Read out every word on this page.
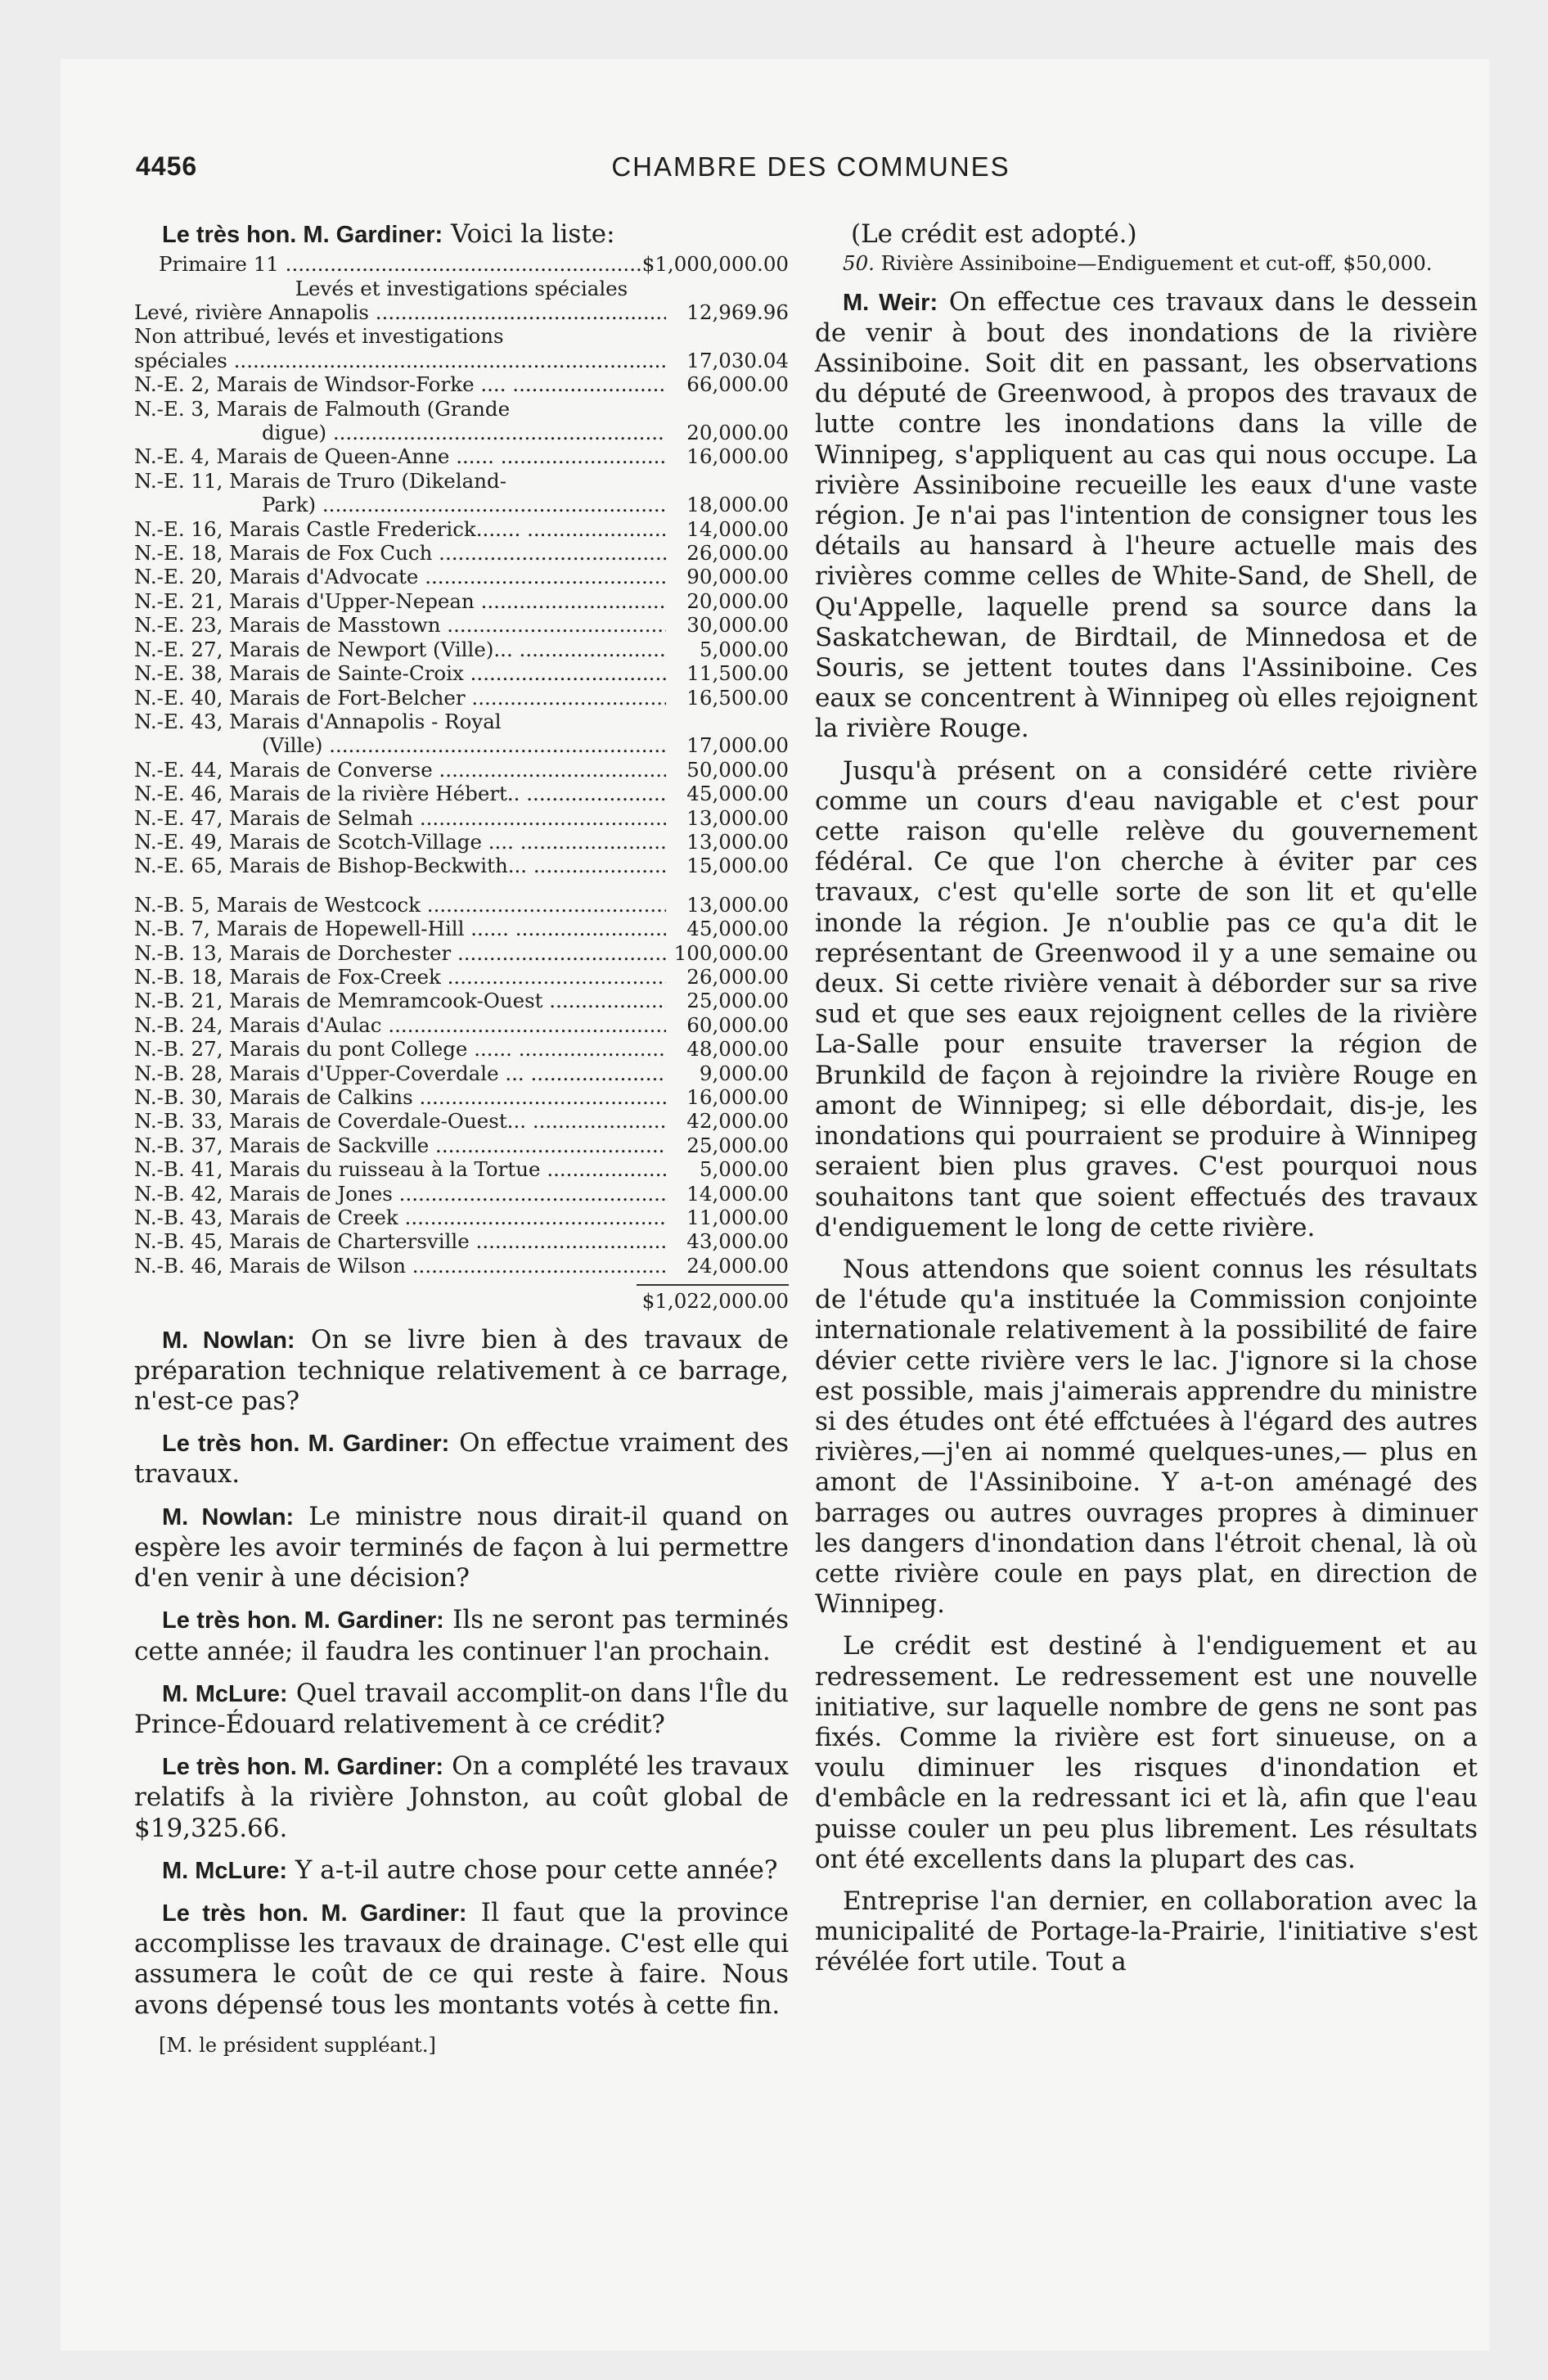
4456	CHAMBRE DES COMMUNES

Le très hon. M. Gardiner: Voici la liste:

Primaire 11 .....	$1,000,000.00
Levés et investigations spéciales
Levé, rivière Annapolis .....	12,969.96
Non attribué, levés et investigations
spéciales .....	17,030.04
N.-E. 2, Marais de Windsor-Forke .... .....	66,000.00
N.-E. 3, Marais de Falmouth (Grande
digue) .....	20,000.00
N.-E. 4, Marais de Queen-Anne ...... .....	16,000.00
N.-E. 11, Marais de Truro (Dikeland-
Park) .....	18,000.00
N.-E. 16, Marais Castle Frederick....... .....	14,000.00
N.-E. 18, Marais de Fox Cuch .....	26,000.00
N.-E. 20, Marais d'Advocate .....	90,000.00
N.-E. 21, Marais d'Upper-Nepean .....	20,000.00
N.-E. 23, Marais de Masstown .....	30,000.00
N.-E. 27, Marais de Newport (Ville)... .....	5,000.00
N.-E. 38, Marais de Sainte-Croix .....	11,500.00
N.-E. 40, Marais de Fort-Belcher .....	16,500.00
N.-E. 43, Marais d'Annapolis - Royal
(Ville) .....	17,000.00
N.-E. 44, Marais de Converse .....	50,000.00
N.-E. 46, Marais de la rivière Hébert.. .....	45,000.00
N.-E. 47, Marais de Selmah .....	13,000.00
N.-E. 49, Marais de Scotch-Village .... .....	13,000.00
N.-E. 65, Marais de Bishop-Beckwith... .....	15,000.00
N.-B. 5, Marais de Westcock .....	13,000.00
N.-B. 7, Marais de Hopewell-Hill ...... .....	45,000.00
N.-B. 13, Marais de Dorchester .....	100,000.00
N.-B. 18, Marais de Fox-Creek .....	26,000.00
N.-B. 21, Marais de Memramcook-Ouest .....	25,000.00
N.-B. 24, Marais d'Aulac .....	60,000.00
N.-B. 27, Marais du pont College ...... .....	48,000.00
N.-B. 28, Marais d'Upper-Coverdale ... .....	9,000.00
N.-B. 30, Marais de Calkins .....	16,000.00
N.-B. 33, Marais de Coverdale-Ouest... .....	42,000.00
N.-B. 37, Marais de Sackville .....	25,000.00
N.-B. 41, Marais du ruisseau à la Tortue .....	5,000.00
N.-B. 42, Marais de Jones .....	14,000.00
N.-B. 43, Marais de Creek .....	11,000.00
N.-B. 45, Marais de Chartersville .....	43,000.00
N.-B. 46, Marais de Wilson .....	24,000.00
$1,022,000.00

M. Nowlan: On se livre bien à des travaux de préparation technique relativement à ce barrage, n'est-ce pas?

Le très hon. M. Gardiner: On effectue vraiment des travaux.

M. Nowlan: Le ministre nous dirait-il quand on espère les avoir terminés de façon à lui permettre d'en venir à une décision?

Le très hon. M. Gardiner: Ils ne seront pas terminés cette année; il faudra les continuer l'an prochain.

M. McLure: Quel travail accomplit-on dans l'Île du Prince-Édouard relativement à ce crédit?

Le très hon. M. Gardiner: On a complété les travaux relatifs à la rivière Johnston, au coût global de $19,325.66.

M. McLure: Y a-t-il autre chose pour cette année?

Le très hon. M. Gardiner: Il faut que la province accomplisse les travaux de drainage. C'est elle qui assumera le coût de ce qui reste à faire. Nous avons dépensé tous les montants votés à cette fin.

[M. le président suppléant.]

(Le crédit est adopté.)

50. Rivière Assiniboine—Endiguement et cut-off, $50,000.

M. Weir: On effectue ces travaux dans le dessein de venir à bout des inondations de la rivière Assiniboine. Soit dit en passant, les observations du député de Greenwood, à propos des travaux de lutte contre les inondations dans la ville de Winnipeg, s'appliquent au cas qui nous occupe. La rivière Assiniboine recueille les eaux d'une vaste région. Je n'ai pas l'intention de consigner tous les détails au hansard à l'heure actuelle mais des rivières comme celles de White-Sand, de Shell, de Qu'Appelle, laquelle prend sa source dans la Saskatchewan, de Birdtail, de Minnedosa et de Souris, se jettent toutes dans l'Assiniboine. Ces eaux se concentrent à Winnipeg où elles rejoignent la rivière Rouge.

Jusqu'à présent on a considéré cette rivière comme un cours d'eau navigable et c'est pour cette raison qu'elle relève du gouvernement fédéral. Ce que l'on cherche à éviter par ces travaux, c'est qu'elle sorte de son lit et qu'elle inonde la région. Je n'oublie pas ce qu'a dit le représentant de Greenwood il y a une semaine ou deux. Si cette rivière venait à déborder sur sa rive sud et que ses eaux rejoignent celles de la rivière La-Salle pour ensuite traverser la région de Brunkild de façon à rejoindre la rivière Rouge en amont de Winnipeg; si elle débordait, dis-je, les inondations qui pourraient se produire à Winnipeg seraient bien plus graves. C'est pourquoi nous souhaitons tant que soient effectués des travaux d'endiguement le long de cette rivière.

Nous attendons que soient connus les résultats de l'étude qu'a instituée la Commission conjointe internationale relativement à la possibilité de faire dévier cette rivière vers le lac. J'ignore si la chose est possible, mais j'aimerais apprendre du ministre si des études ont été effctuées à l'égard des autres rivières,—j'en ai nommé quelques-unes,— plus en amont de l'Assiniboine. Y a-t-on aménagé des barrages ou autres ouvrages propres à diminuer les dangers d'inondation dans l'étroit chenal, là où cette rivière coule en pays plat, en direction de Winnipeg.

Le crédit est destiné à l'endiguement et au redressement. Le redressement est une nouvelle initiative, sur laquelle nombre de gens ne sont pas fixés. Comme la rivière est fort sinueuse, on a voulu diminuer les risques d'inondation et d'embâcle en la redressant ici et là, afin que l'eau puisse couler un peu plus librement. Les résultats ont été excellents dans la plupart des cas.

Entreprise l'an dernier, en collaboration avec la municipalité de Portage-la-Prairie, l'initiative s'est révélée fort utile. Tout a
